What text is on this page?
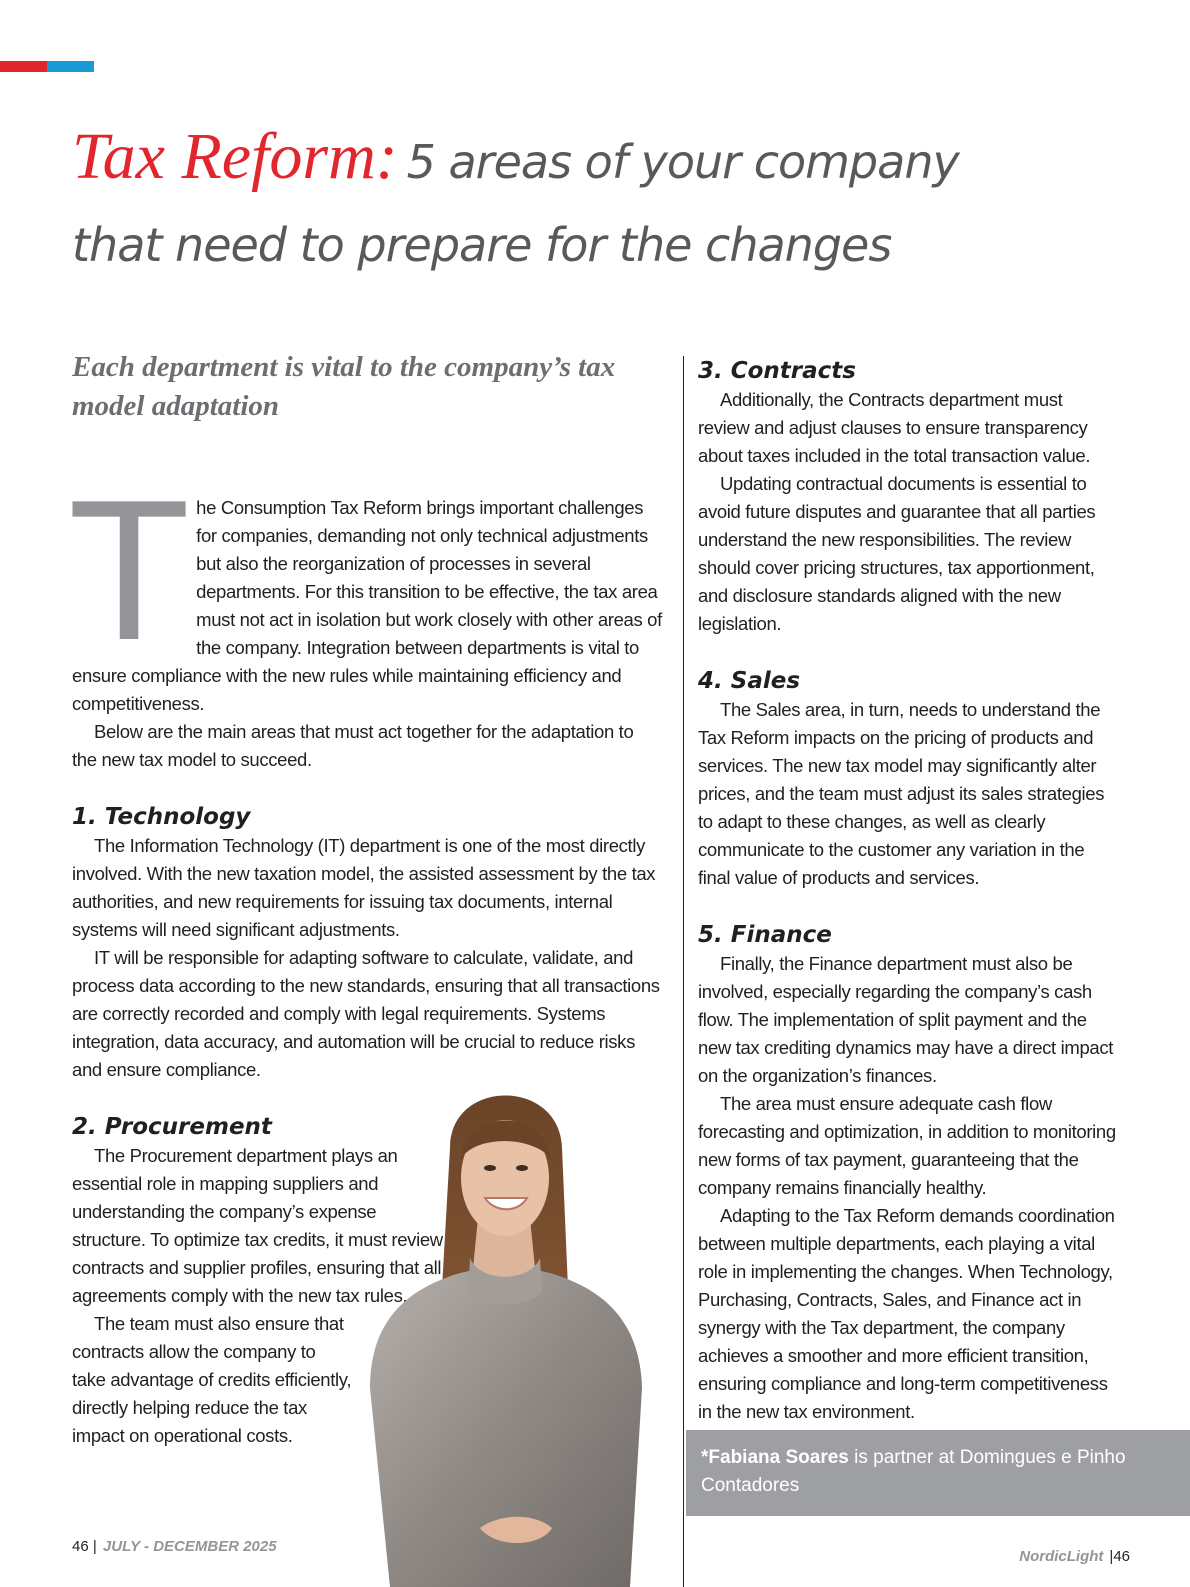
Tax Reform: 5 areas of your company
that need to prepare for the changes
Each department is vital to the company’s tax model adaptation
T he Consumption Tax Reform brings important challenges for companies, demanding not only technical adjustments but also the reorganization of processes in several departments. For this transition to be effective, the tax area must not act in isolation but work closely with other areas of the company. Integration between departments is vital to ensure compliance with the new rules while maintaining efficiency and competitiveness.

Below are the main areas that must act together for the adaptation to the new tax model to succeed.

1. Technology

The Information Technology (IT) department is one of the most directly involved. With the new taxation model, the assisted assessment by the tax authorities, and new requirements for issuing tax documents, internal systems will need significant adjustments.

IT will be responsible for adapting software to calculate, validate, and process data according to the new standards, ensuring that all transactions are correctly recorded and comply with legal requirements. Systems integration, data accuracy, and automation will be crucial to reduce risks and ensure compliance.

2. Procurement

The Procurement department plays an essential role in mapping suppliers and understanding the company’s expense structure. To optimize tax credits, it must review contracts and supplier profiles, ensuring that all agreements comply with the new tax rules.

The team must also ensure that contracts allow the company to take advantage of credits efficiently, directly helping reduce the tax impact on operational costs.

3. Contracts

Additionally, the Contracts department must review and adjust clauses to ensure transparency about taxes included in the total transaction value.

Updating contractual documents is essential to avoid future disputes and guarantee that all parties understand the new responsibilities. The review should cover pricing structures, tax apportionment, and disclosure standards aligned with the new legislation.

4. Sales

The Sales area, in turn, needs to understand the Tax Reform impacts on the pricing of products and services. The new tax model may significantly alter prices, and the team must adjust its sales strategies to adapt to these changes, as well as clearly communicate to the customer any variation in the final value of products and services.

5. Finance

Finally, the Finance department must also be involved, especially regarding the company’s cash flow. The implementation of split payment and the new tax crediting dynamics may have a direct impact on the organization’s finances.

The area must ensure adequate cash flow forecasting and optimization, in addition to monitoring new forms of tax payment, guaranteeing that the company remains financially healthy.

Adapting to the Tax Reform demands coordination between multiple departments, each playing a vital role in implementing the changes. When Technology, Purchasing, Contracts, Sales, and Finance act in synergy with the Tax department, the company achieves a smoother and more efficient transition, ensuring compliance and long-term competitiveness in the new tax environment.

*Fabiana Soares is partner at Domingues e Pinho Contadores
46 | JULY - DECEMBER 2025
NordicLight |46
